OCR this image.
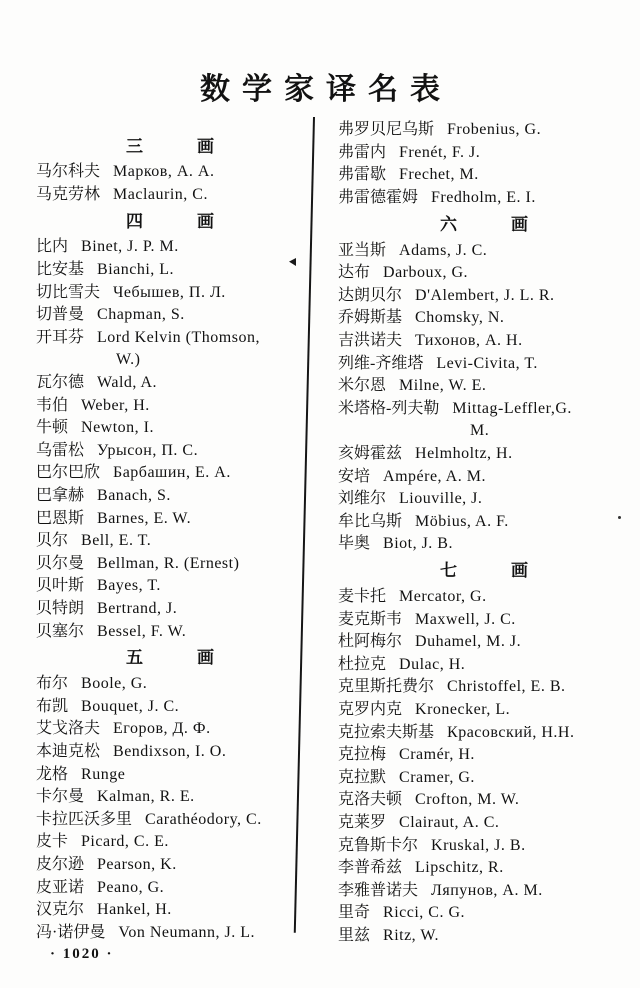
数学家译名表
三	画
马尔科夫 Марков, А. А.
马克劳林 Maclaurin, C.
四	画
比内 Binet, J. P. M.
比安基 Bianchi, L.
切比雪夫 Чебышев, П. Л.
切普曼 Chapman, S.
开耳芬 Lord Kelvin (Thomson,
W.)
瓦尔德 Wald, A.
韦伯 Weber, H.
牛顿 Newton, I.
乌雷松 Урысон, П. С.
巴尔巴欣 Барбашин, Е. А.
巴拿赫 Banach, S.
巴恩斯 Barnes, E. W.
贝尔 Bell, E. T.
贝尔曼 Bellman, R. (Ernest)
贝叶斯 Bayes, T.
贝特朗 Bertrand, J.
贝塞尔 Bessel, F. W.
五	画
布尔 Boole, G.
布凯 Bouquet, J. C.
艾戈洛夫 Егоров, Д. Ф.
本迪克松 Bendixson, I. O.
龙格 Runge
卡尔曼 Kalman, R. E.
卡拉匹沃多里 Carathéodory, C.
皮卡 Picard, C. E.
皮尔逊 Pearson, K.
皮亚诺 Peano, G.
汉克尔 Hankel, H.
冯·诺伊曼 Von Neumann, J. L.
弗罗贝尼乌斯 Frobenius, G.
弗雷内 Frenét, F. J.
弗雷歇 Frechet, M.
弗雷德霍姆 Fredholm, E. I.
六	画
亚当斯 Adams, J. C.
达布 Darboux, G.
达朗贝尔 D'Alembert, J. L. R.
乔姆斯基 Chomsky, N.
吉洪诺夫 Тихонов, А. Н.
列维-齐维塔 Levi-Civita, T.
米尔恩 Milne, W. E.
米塔格-列夫勒 Mittag-Leffler,G.
M.
亥姆霍兹 Helmholtz, H.
安培 Ampére, A. M.
刘维尔 Liouville, J.
牟比乌斯 Möbius, A. F.
毕奥 Biot, J. B.
七	画
麦卡托 Mercator, G.
麦克斯韦 Maxwell, J. C.
杜阿梅尔 Duhamel, M. J.
杜拉克 Dulac, H.
克里斯托费尔 Christoffel, E. B.
克罗内克 Kronecker, L.
克拉索夫斯基 Красовский, Н.Н.
克拉梅 Cramér, H.
克拉默 Cramer, G.
克洛夫顿 Crofton, M. W.
克莱罗 Clairaut, A. C.
克鲁斯卡尔 Kruskal, J. B.
李普希兹 Lipschitz, R.
李雅普诺夫 Ляпунов, А. М.
里奇 Ricci, C. G.
里兹 Ritz, W.
· 1020 ·
